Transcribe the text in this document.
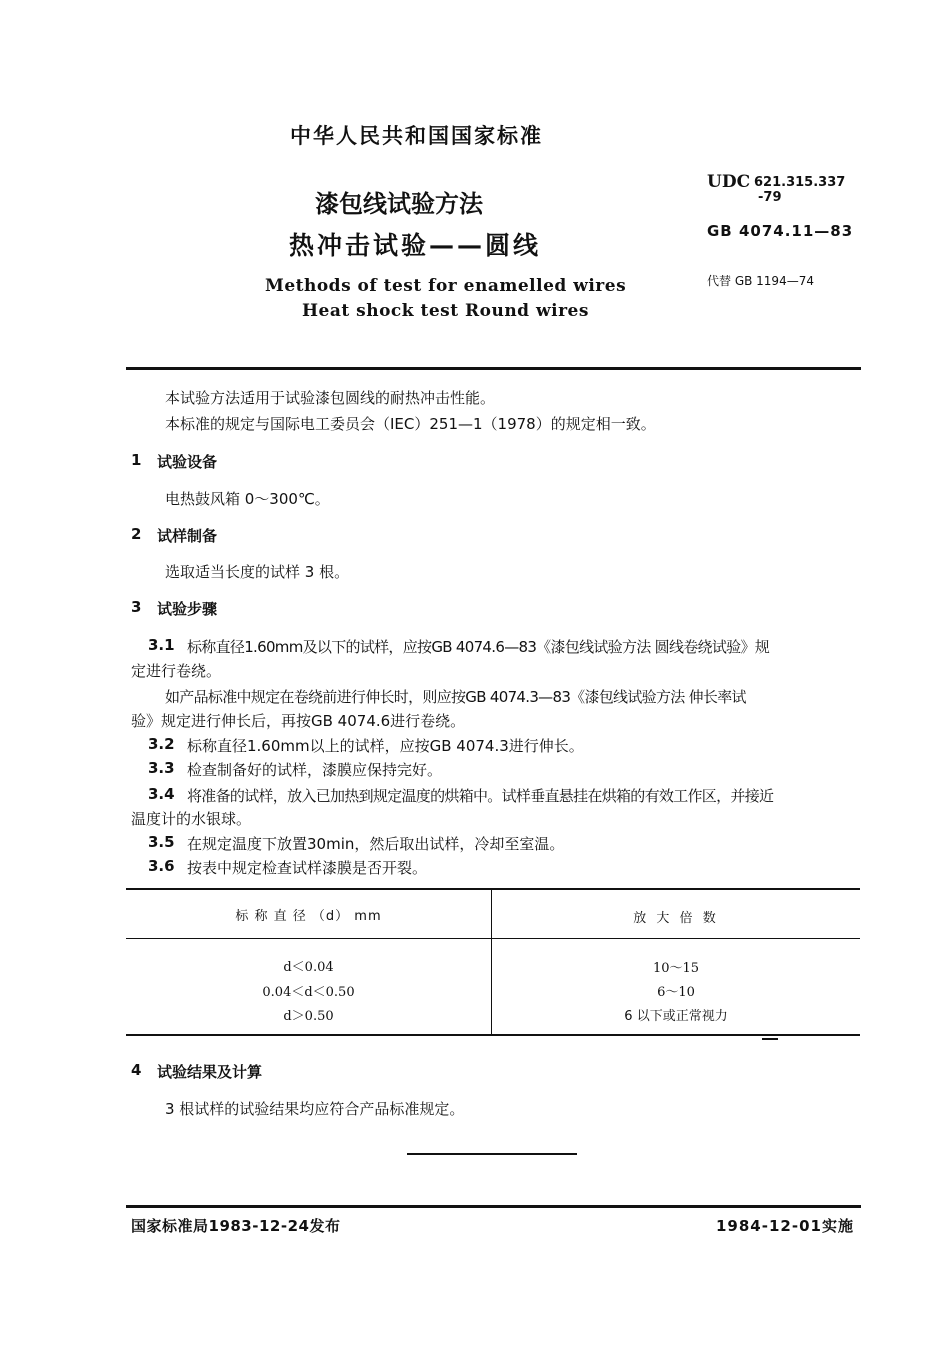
中华人民共和国国家标准
漆包线试验方法
热冲击试验——圆线
Methods of test for enamelled wires
Heat shock test Round wires
UDC 621.315.337
-79
GB 4074.11—83
代替 GB 1194—74
本试验方法适用于试验漆包圆线的耐热冲击性能。
本标准的规定与国际电工委员会（IEC）251—1（1978）的规定相一致。
1 试验设备
电热鼓风箱 0～300℃。
2 试样制备
选取适当长度的试样 3 根。
3 试验步骤
3.1 标称直径1.60mm及以下的试样，应按GB 4074.6—83《漆包线试验方法 圆线卷绕试验》规
定进行卷绕。
如产品标准中规定在卷绕前进行伸长时，则应按GB 4074.3—83《漆包线试验方法 伸长率试
验》规定进行伸长后，再按GB 4074.6进行卷绕。
3.2 标称直径1.60mm以上的试样，应按GB 4074.3进行伸长。
3.3 检查制备好的试样，漆膜应保持完好。
3.4 将准备的试样，放入已加热到规定温度的烘箱中。试样垂直悬挂在烘箱的有效工作区，并接近
温度计的水银球。
3.5 在规定温度下放置30min，然后取出试样，冷却至室温。
3.6 按表中规定检查试样漆膜是否开裂。
标 称 直 径 （d） mm	放 大 倍 数
d＜0.04	10～15
0.04＜d＜0.50	6～10
d＞0.50	6 以下或正常视力
4 试验结果及计算
3 根试样的试验结果均应符合产品标准规定。
国家标准局1983-12-24发布	1984-12-01实施
